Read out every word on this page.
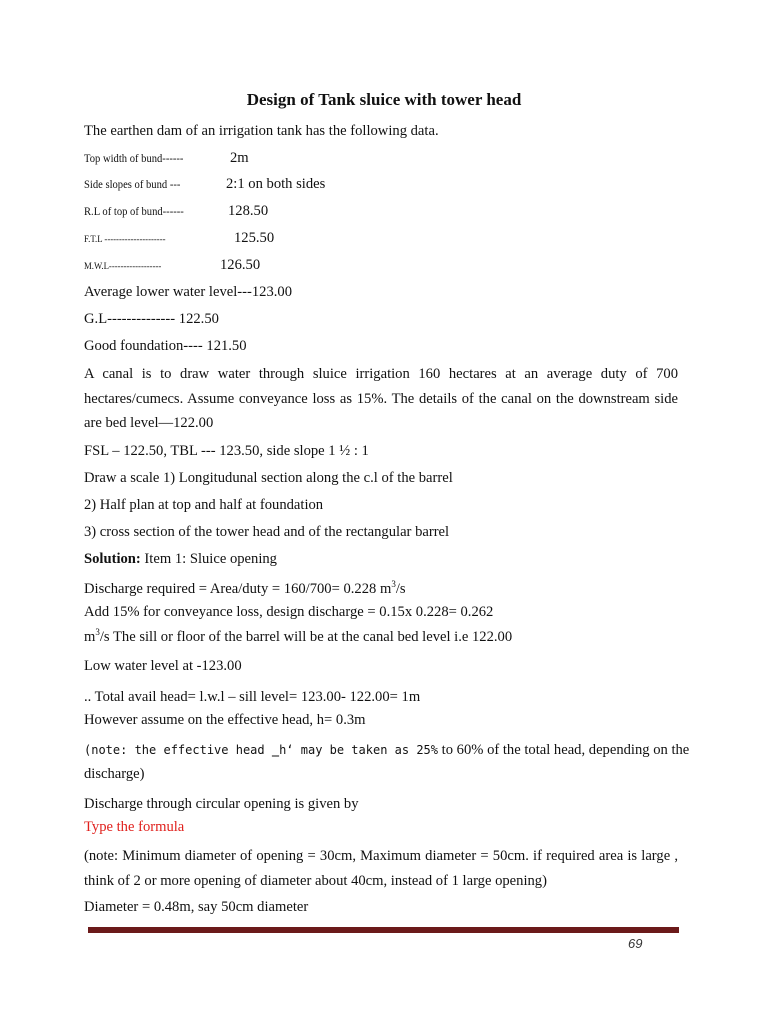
Design of Tank sluice with tower head
The earthen dam of an irrigation tank has the following data.
Top width of bund------	2m
Side slopes of bund ---	2:1 on both sides
R.L of top of bund------	128.50
F.T.L ---------------------	125.50
M.W.L------------------	126.50
Average lower water level---123.00
G.L-------------- 122.50
Good foundation---- 121.50
A canal is to draw water through sluice irrigation 160 hectares at an average duty of 700 hectares/cumecs. Assume conveyance loss as 15%. The details of the canal on the downstream side are bed level—122.00
FSL – 122.50, TBL --- 123.50, side slope 1 ½ : 1
Draw a scale 1) Longitudunal section along the c.l of the barrel
2) Half plan at top and half at foundation
3) cross section of the tower head and of the rectangular barrel
Solution: Item 1: Sluice opening
Discharge required = Area/duty = 160/700= 0.228 $m^3/s$
Add 15% for conveyance loss, design discharge = 0.15x 0.228= 0.262
$m^3/s$ The sill or floor of the barrel will be at the canal bed level i.e 122.00
Low water level at -123.00
.. Total avail head= l.w.l – sill level= 123.00- 122.00= 1m
However assume on the effective head, h= 0.3m
(note: the effective head ‗h‘ may be taken as 25% to 60% of the total head, depending on the
discharge)
Discharge through circular opening is given by
Type the formula
(note: Minimum diameter of opening = 30cm, Maximum diameter = 50cm. if required area is large , think of 2 or more opening of diameter about 40cm, instead of 1 large opening)
Diameter = 0.48m, say 50cm diameter
69
